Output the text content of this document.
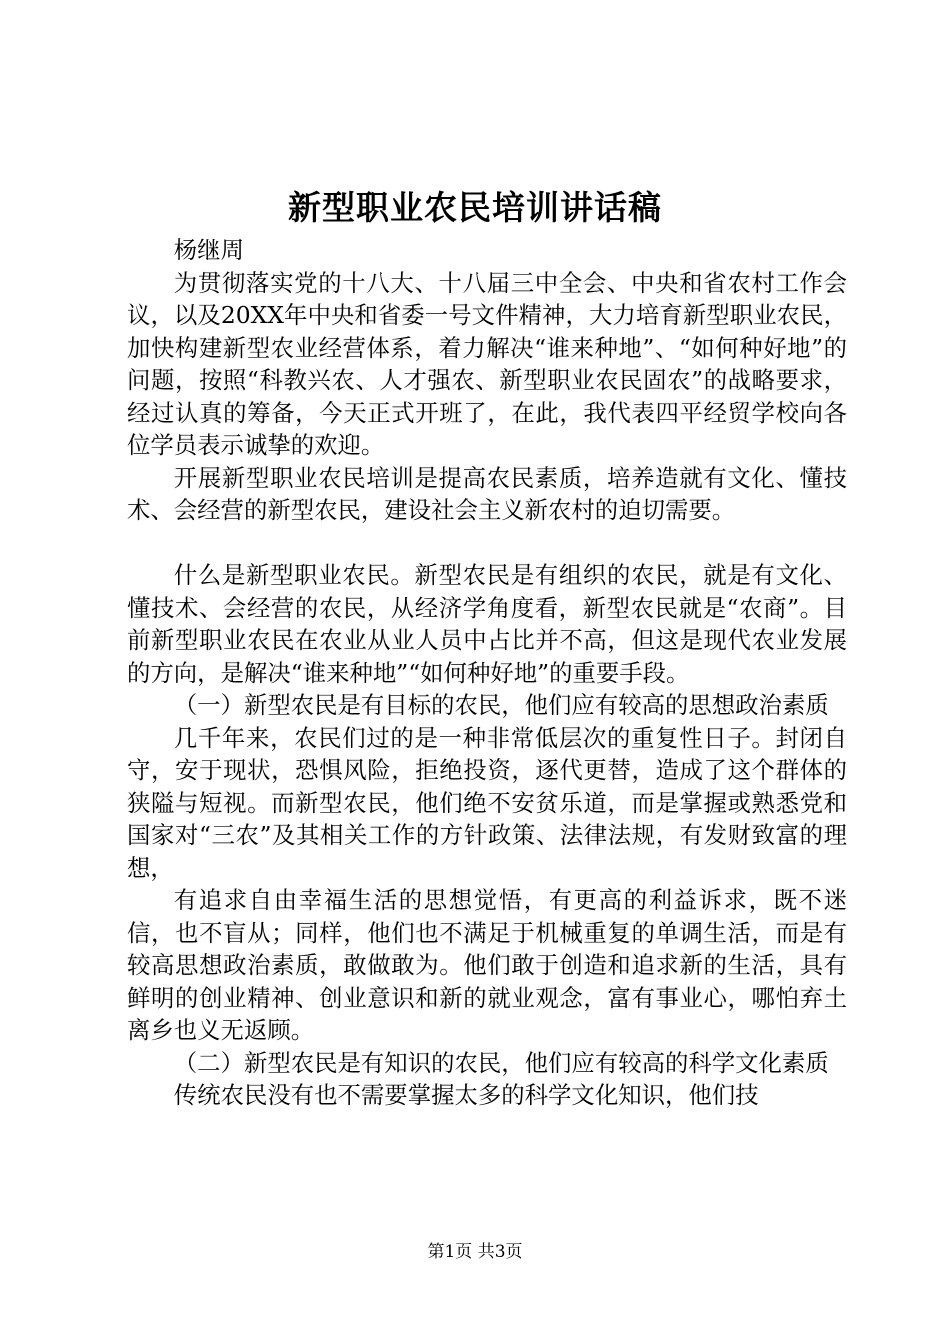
新型职业农民培训讲话稿

杨继周

为贯彻落实党的十八大、十八届三中全会、中央和省农村工作会议，以及20XX年中央和省委一号文件精神，大力培育新型职业农民，加快构建新型农业经营体系，着力解决“谁来种地”、“如何种好地”的问题，按照“科教兴农、人才强农、新型职业农民固农”的战略要求，经过认真的筹备，今天正式开班了，在此，我代表四平经贸学校向各位学员表示诚挚的欢迎。

开展新型职业农民培训是提高农民素质，培养造就有文化、懂技术、会经营的新型农民，建设社会主义新农村的迫切需要。

什么是新型职业农民。新型农民是有组织的农民，就是有文化、懂技术、会经营的农民，从经济学角度看，新型农民就是“农商”。目前新型职业农民在农业从业人员中占比并不高，但这是现代农业发展的方向，是解决“谁来种地”“如何种好地”的重要手段。

（一）新型农民是有目标的农民，他们应有较高的思想政治素质

几千年来，农民们过的是一种非常低层次的重复性日子。封闭自守，安于现状，恐惧风险，拒绝投资，逐代更替，造成了这个群体的狭隘与短视。而新型农民，他们绝不安贫乐道，而是掌握或熟悉党和国家对“三农”及其相关工作的方针政策、法律法规，有发财致富的理想，

有追求自由幸福生活的思想觉悟，有更高的利益诉求，既不迷信，也不盲从；同样，他们也不满足于机械重复的单调生活，而是有较高思想政治素质，敢做敢为。他们敢于创造和追求新的生活，具有鲜明的创业精神、创业意识和新的就业观念，富有事业心，哪怕弃土离乡也义无返顾。

（二）新型农民是有知识的农民，他们应有较高的科学文化素质

传统农民没有也不需要掌握太多的科学文化知识，他们技

第1页 共3页
